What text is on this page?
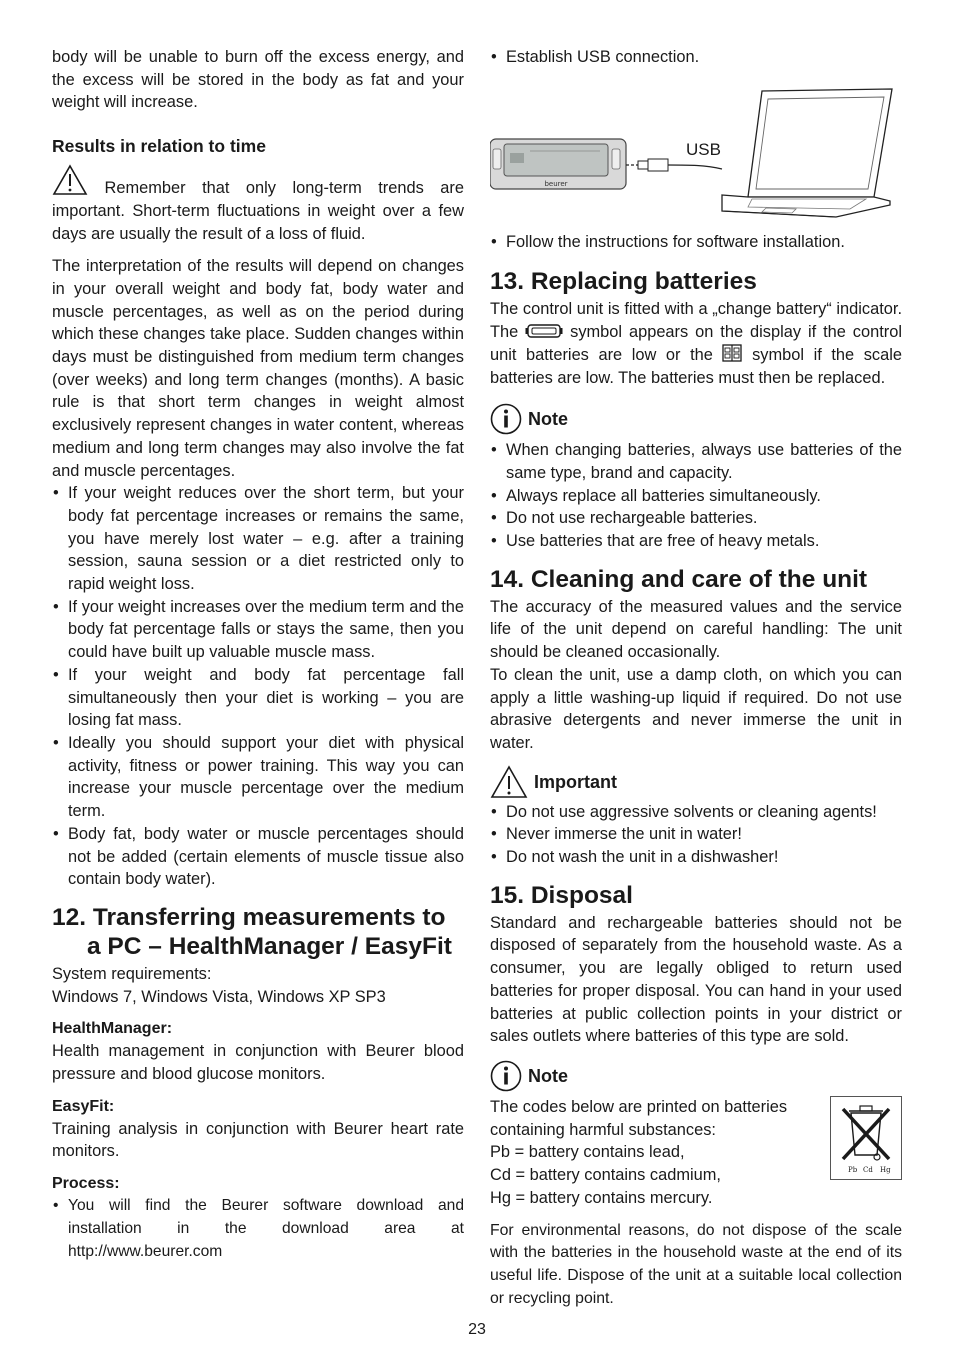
body will be unable to burn off the excess energy, and the excess will be stored in the body as fat and your weight will increase.

Results in relation to time

Remember that only long-term trends are important. Short-term fluctuations in weight over a few days are usually the result of a loss of fluid.

The interpretation of the results will depend on changes in your overall weight and body fat, body water and muscle percentages, as well as on the period during which these changes take place. Sudden changes within days must be distinguished from medium term changes (over weeks) and long term changes (months). A basic rule is that short term changes in weight almost exclusively represent changes in water content, whereas medium and long term changes may also involve the fat and muscle percentages.

• If your weight reduces over the short term, but your body fat percentage increases or remains the same, you have merely lost water – e.g. after a training session, sauna session or a diet restricted only to rapid weight loss.
• If your weight increases over the medium term and the body fat percentage falls or stays the same, then you could have built up valuable muscle mass.
• If your weight and body fat percentage fall simultaneously then your diet is working – you are losing fat mass.
• Ideally you should support your diet with physical activity, fitness or power training. This way you can increase your muscle percentage over the medium term.
• Body fat, body water or muscle percentages should not be added (certain elements of muscle tissue also contain body water).
12. Transferring measurements to
a PC – HealthManager / EasyFit

System requirements:

Windows 7, Windows Vista, Windows XP SP3

HealthManager:

Health management in conjunction with Beurer blood pressure and blood glucose monitors.

EasyFit:

Training analysis in conjunction with Beurer heart rate monitors.

Process:

• You will find the Beurer software download and installation in the download area at http://www.beurer.com
• Establish USB connection.
beurer
USB
• Follow the instructions for software installation.
13. Replacing batteries

The control unit is fitted with a „change battery“ indicator. The	symbol appears on the display if the control unit batteries are low or the symbol if the scale batteries are low. The batteries must then be replaced.

Note
• When changing batteries, always use batteries of the same type, brand and capacity.
• Always replace all batteries simultaneously.
• Do not use rechargeable batteries.
• Use batteries that are free of heavy metals.
14. Cleaning and care of the unit

The accuracy of the measured values and the service life of the unit depend on careful handling: The unit should be cleaned occasionally.

To clean the unit, use a damp cloth, on which you can apply a little washing-up liquid if required. Do not use abrasive detergents and never immerse the unit in water.

Important
• Do not use aggressive solvents or cleaning agents!
• Never immerse the unit in water!
• Do not wash the unit in a dishwasher!
15. Disposal

Standard and rechargeable batteries should not be disposed of separately from the household waste. As a consumer, you are legally obliged to return used batteries for proper disposal. You can hand in your used batteries at public collection points in your district or sales outlets where batteries of this type are sold.

Note

The codes below are printed on batteries containing harmful substances:

Pb = battery contains lead,

Cd = battery contains cadmium,

Hg = battery contains mercury.

Pb Cd Hg

For environmental reasons, do not dispose of the scale with the batteries in the household waste at the end of its useful life. Dispose of the unit at a suitable local collection or recycling point.

23
